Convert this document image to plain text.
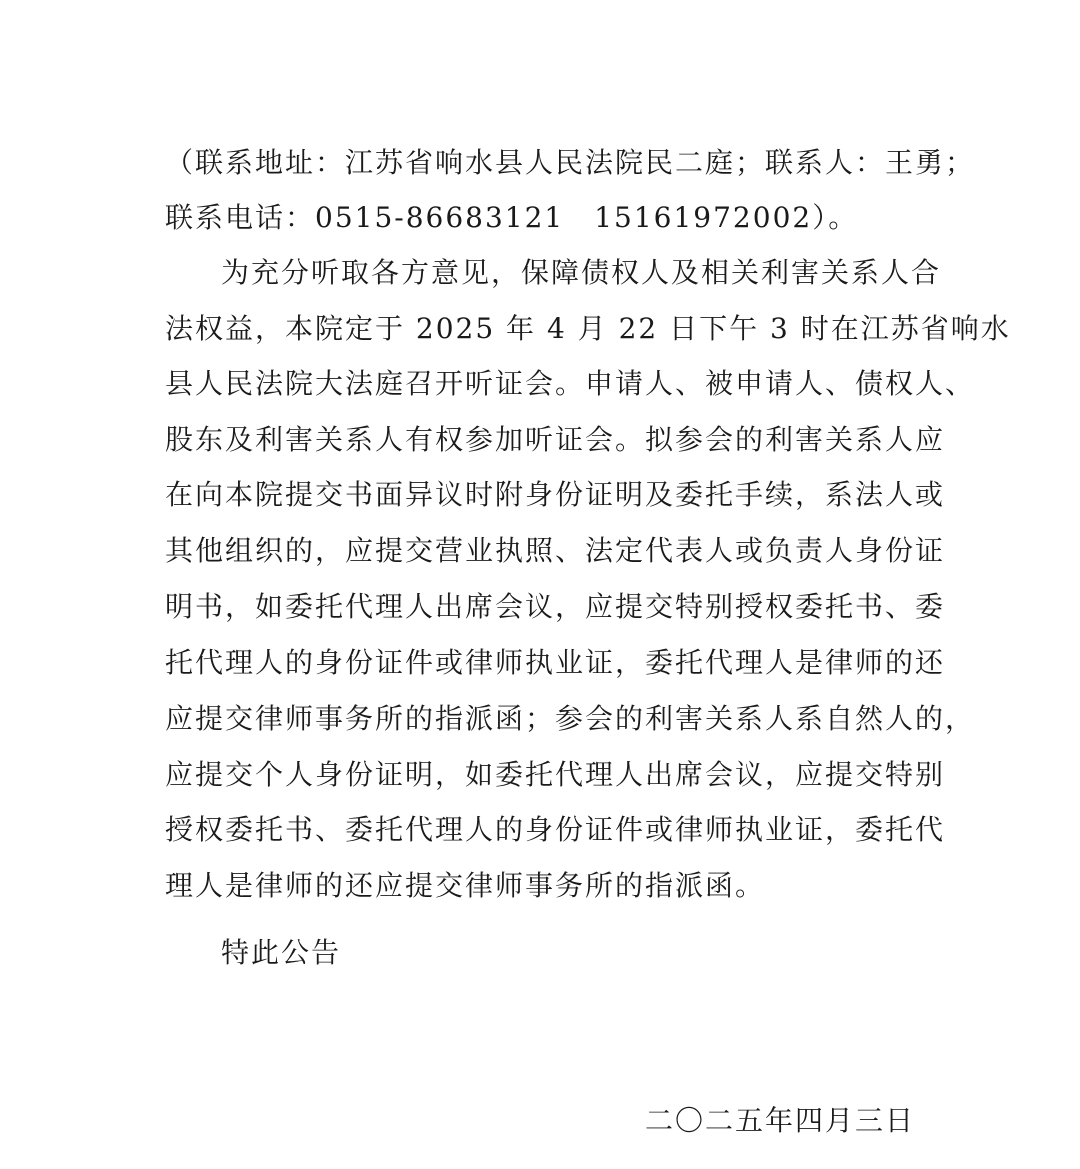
（联系地址：江苏省响水县人民法院民二庭；联系人：王勇；
联系电话：0515-86683121　15161972002）。
为充分听取各方意见，保障债权人及相关利害关系人合
法权益，本院定于 2025 年 4 月 22 日下午 3 时在江苏省响水
县人民法院大法庭召开听证会。申请人、被申请人、债权人、
股东及利害关系人有权参加听证会。拟参会的利害关系人应
在向本院提交书面异议时附身份证明及委托手续，系法人或
其他组织的，应提交营业执照、法定代表人或负责人身份证
明书，如委托代理人出席会议，应提交特别授权委托书、委
托代理人的身份证件或律师执业证，委托代理人是律师的还
应提交律师事务所的指派函；参会的利害关系人系自然人的，
应提交个人身份证明，如委托代理人出席会议，应提交特别
授权委托书、委托代理人的身份证件或律师执业证，委托代
理人是律师的还应提交律师事务所的指派函。
特此公告
二〇二五年四月三日
